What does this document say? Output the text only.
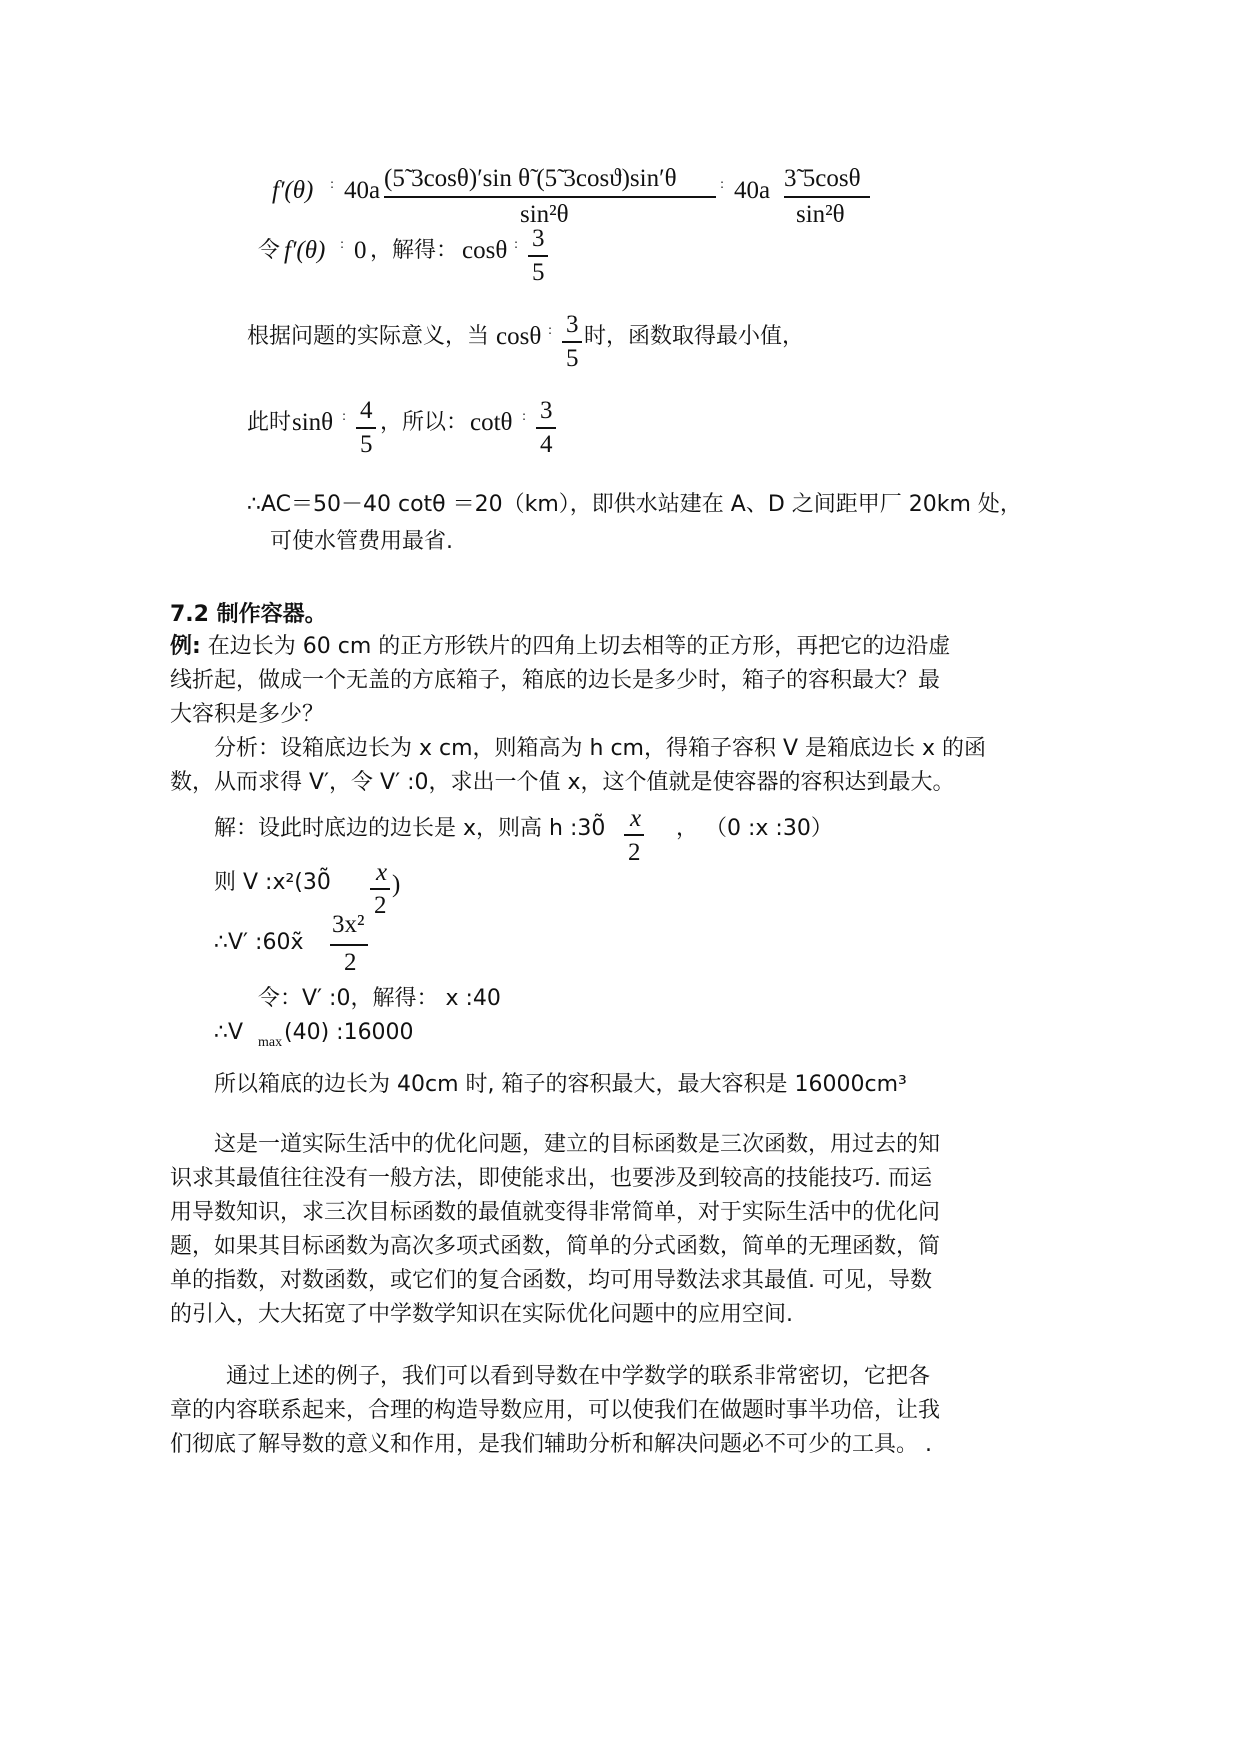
f′(θ) ꞉ 40a (5̃ 3cosθ)′sin θ̃ (5̃ 3cosϑ)sin′θ
sin²θ
꞉ 40a 3̃ 5cosθ
sin²θ
令 f′(θ) ꞉ 0 ，解得： cosθ ꞉ 3
5
根据问题的实际意义，当 cosθ ꞉ 3
5
时，函数取得最小值，
此时 sinθ ꞉ 4
5
，所以： cotθ ꞉ 3
4
∴AC＝50－40 cotθ ＝20（km），即供水站建在 A、D 之间距甲厂 20km 处，
可使水管费用最省.
7.2 制作容器。
例: 在边长为 60 cm 的正方形铁片的四角上切去相等的正方形，再把它的边沿虚
线折起，做成一个无盖的方底箱子，箱底的边长是多少时，箱子的容积最大？最
大容积是多少？
分析：设箱底边长为 x cm，则箱高为 h cm，得箱子容积 V 是箱底边长 x 的函
数，从而求得 V′，令 V′ ꞉0，求出一个值 x，这个值就是使容器的容积达到最大。
解：设此时底边的边长是 x，则高 h ꞉30̃ x
2
， （0 ꞉x ꞉30）
则 V ꞉x²(30̃ x
2
)
∴V′ ꞉60x̃
3x²
2
令：V′ ꞉0，解得： x ꞉40
∴V max (40) ꞉16000
所以箱底的边长为 40cm 时, 箱子的容积最大，最大容积是 16000cm³
这是一道实际生活中的优化问题，建立的目标函数是三次函数，用过去的知
识求其最值往往没有一般方法，即使能求出，也要涉及到较高的技能技巧. 而运
用导数知识，求三次目标函数的最值就变得非常简单，对于实际生活中的优化问
题，如果其目标函数为高次多项式函数，简单的分式函数，简单的无理函数，简
单的指数，对数函数，或它们的复合函数，均可用导数法求其最值. 可见，导数
的引入，大大拓宽了中学数学知识在实际优化问题中的应用空间.
通过上述的例子，我们可以看到导数在中学数学的联系非常密切，它把各
章的内容联系起来，合理的构造导数应用，可以使我们在做题时事半功倍，让我
们彻底了解导数的意义和作用，是我们辅助分析和解决问题必不可少的工具。 .
